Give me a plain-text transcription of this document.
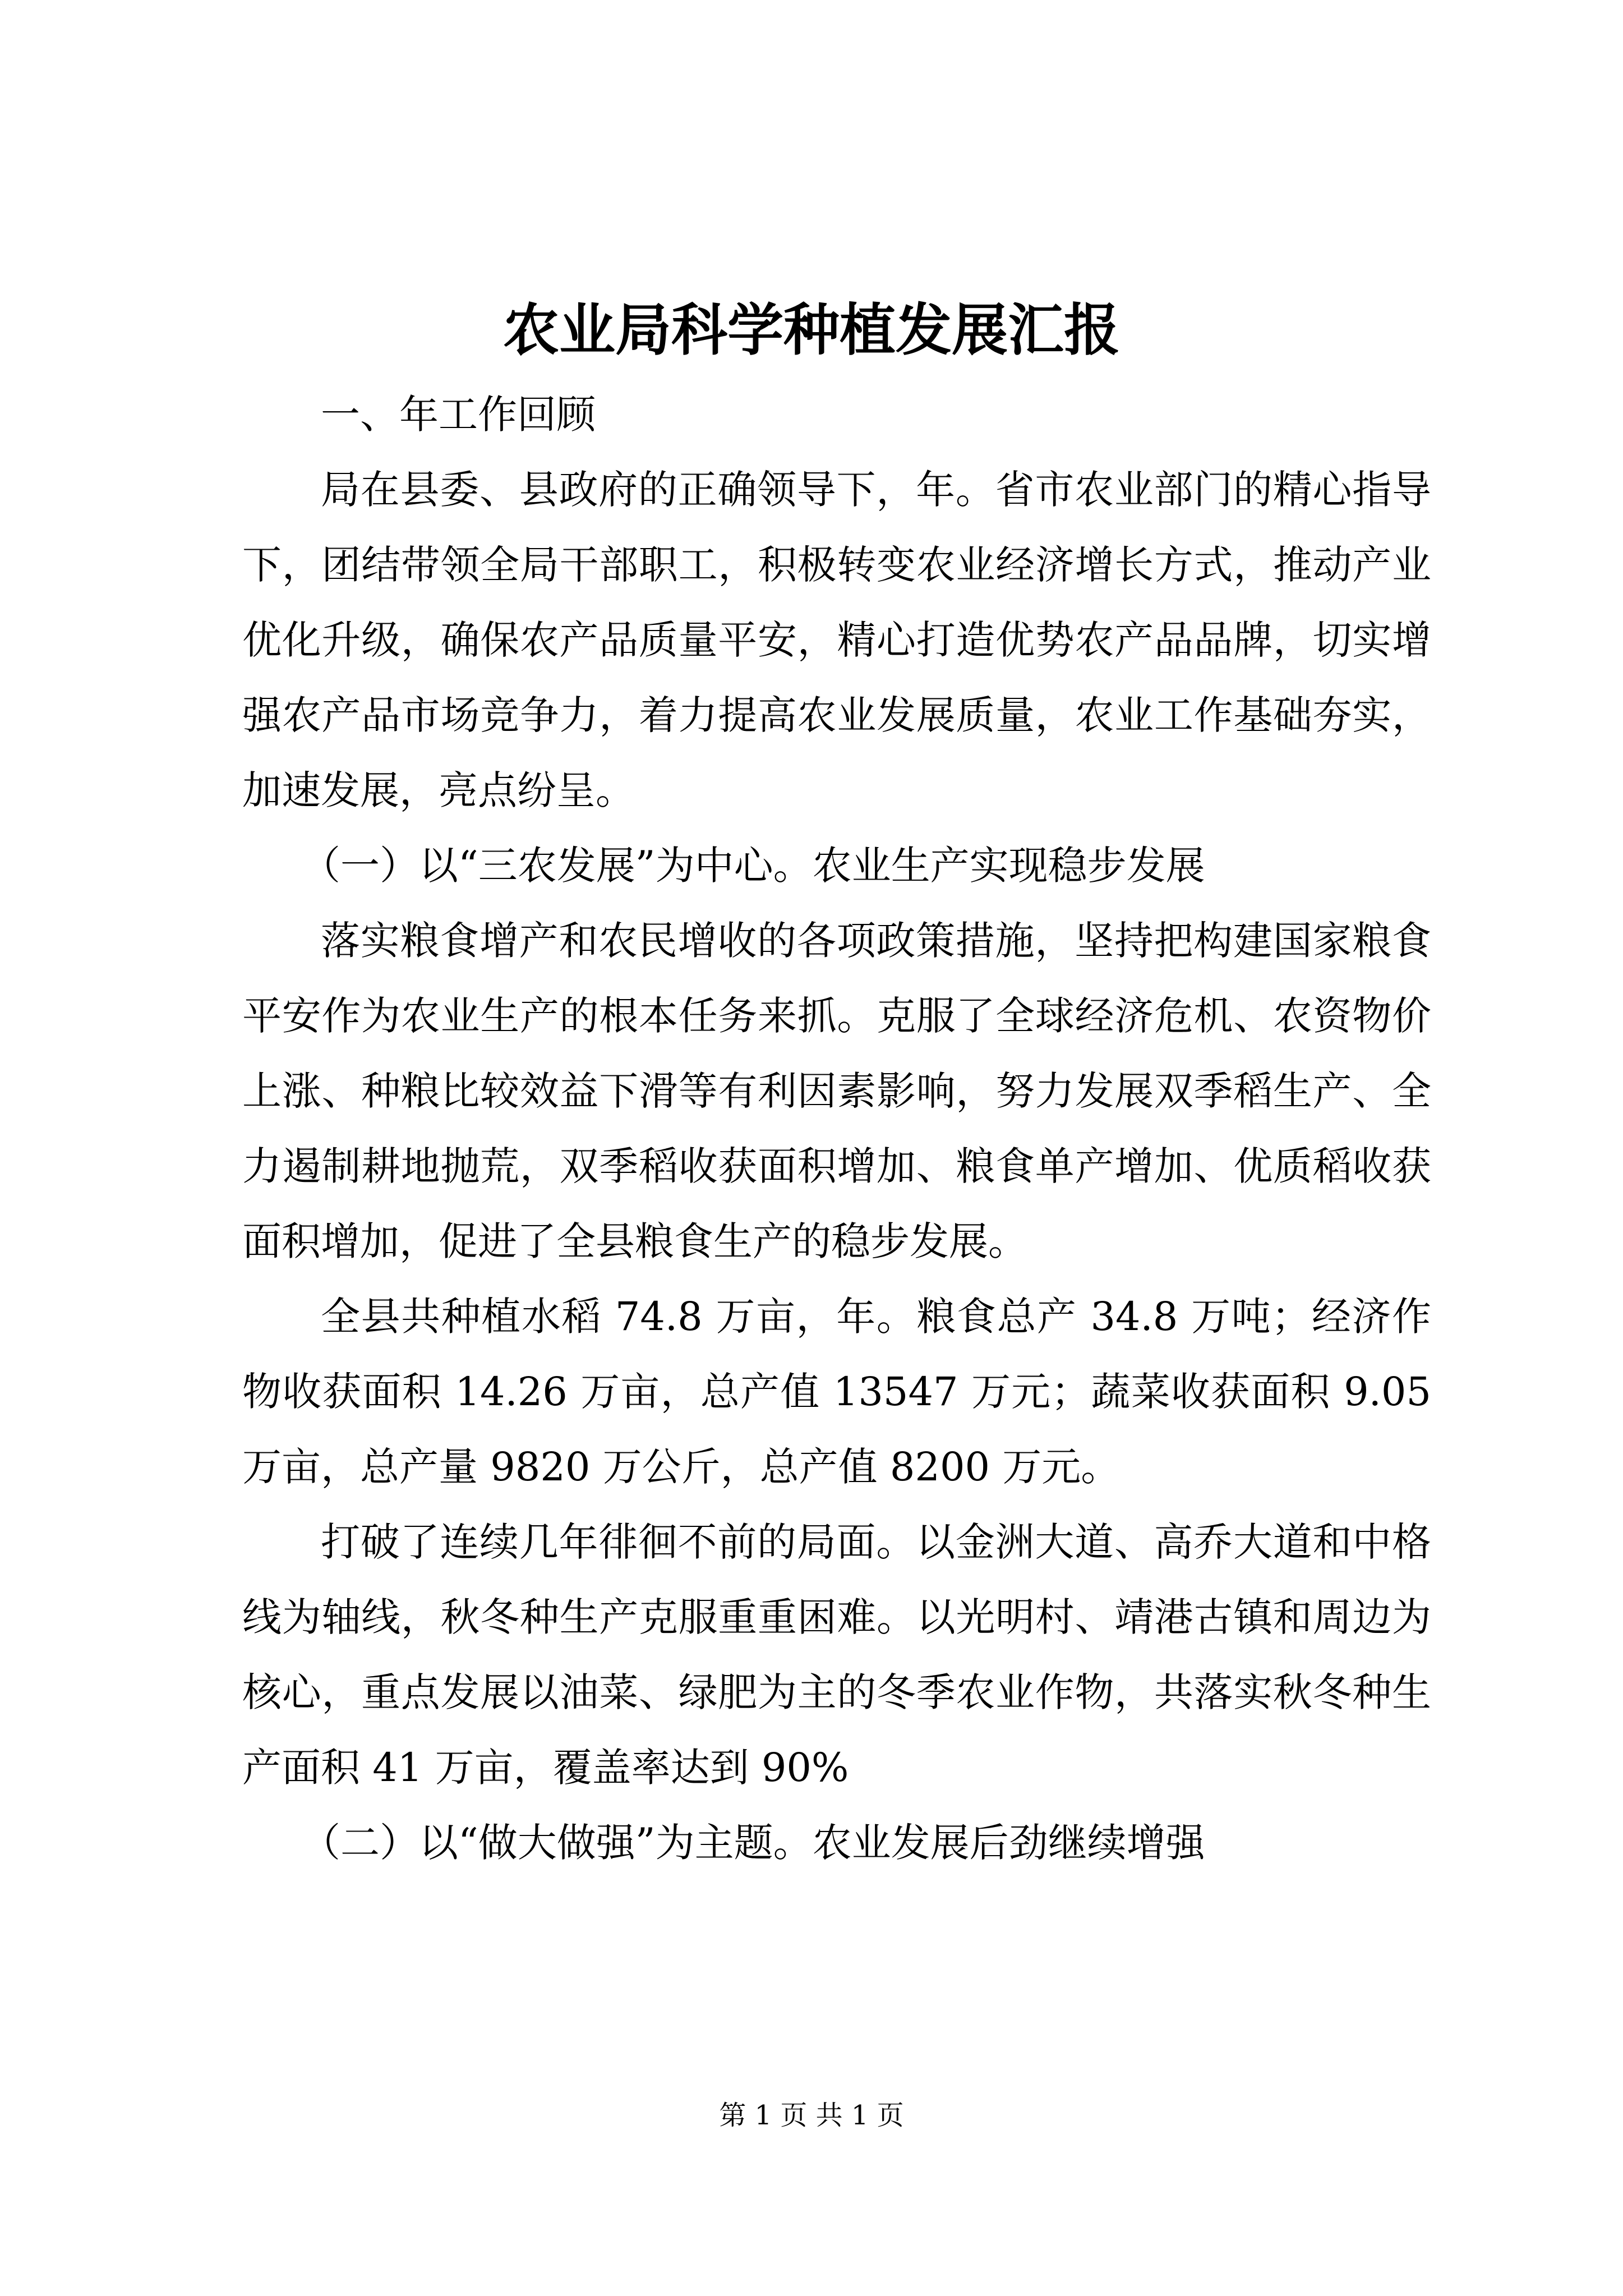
农业局科学种植发展汇报

一、年工作回顾

局在县委、县政府的正确领导下，年。省市农业部门的精心指导下，团结带领全局干部职工，积极转变农业经济增长方式，推动产业优化升级，确保农产品质量平安，精心打造优势农产品品牌，切实增强农产品市场竞争力，着力提高农业发展质量，农业工作基础夯实，加速发展，亮点纷呈。

（一）以“三农发展”为中心。农业生产实现稳步发展

落实粮食增产和农民增收的各项政策措施，坚持把构建国家粮食平安作为农业生产的根本任务来抓。克服了全球经济危机、农资物价上涨、种粮比较效益下滑等有利因素影响，努力发展双季稻生产、全力遏制耕地抛荒，双季稻收获面积增加、粮食单产增加、优质稻收获面积增加，促进了全县粮食生产的稳步发展。

全县共种植水稻 74.8 万亩，年。粮食总产 34.8 万吨；经济作物收获面积 14.26 万亩，总产值 13547 万元；蔬菜收获面积 9.05 万亩，总产量 9820 万公斤，总产值 8200 万元。

打破了连续几年徘徊不前的局面。以金洲大道、高乔大道和中格线为轴线，秋冬种生产克服重重困难。以光明村、靖港古镇和周边为核心，重点发展以油菜、绿肥为主的冬季农业作物，共落实秋冬种生产面积 41 万亩，覆盖率达到 90%

（二）以“做大做强”为主题。农业发展后劲继续增强

第 1 页 共 1 页
